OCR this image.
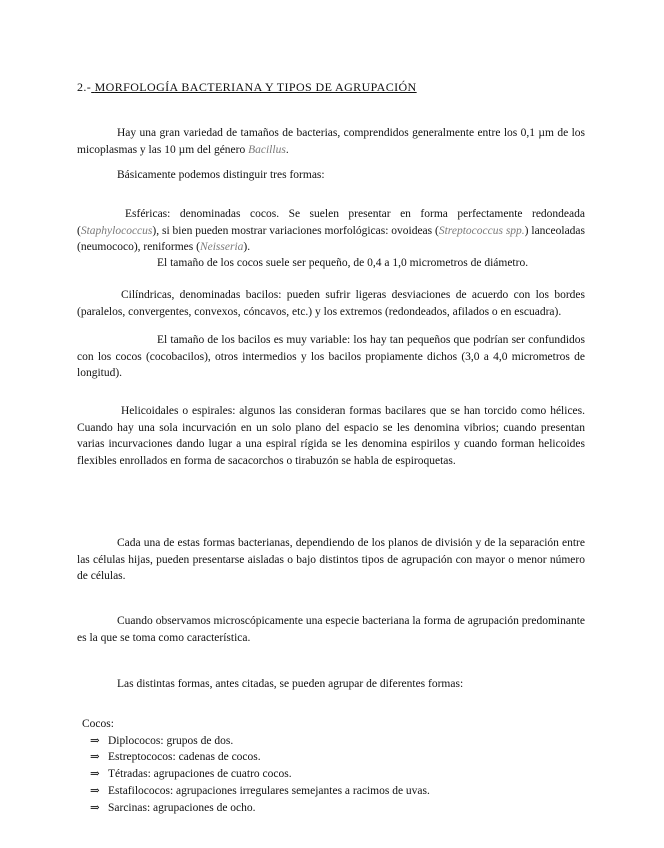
2.- MORFOLOGÍA BACTERIANA Y TIPOS DE AGRUPACIÓN

Hay una gran variedad de tamaños de bacterias, comprendidos generalmente entre los 0,1 µm de los micoplasmas y las 10 µm del género Bacillus.

Básicamente podemos distinguir tres formas:

Esféricas: denominadas cocos. Se suelen presentar en forma perfectamente redondeada (Staphylococcus), si bien pueden mostrar variaciones morfológicas: ovoideas (Streptococcus spp.) lanceoladas (neumococo), reniformes (Neisseria).

El tamaño de los cocos suele ser pequeño, de 0,4 a 1,0 micrometros de diámetro.

Cilíndricas, denominadas bacilos: pueden sufrir ligeras desviaciones de acuerdo con los bordes (paralelos, convergentes, convexos, cóncavos, etc.) y los extremos (redondeados, afilados o en escuadra).

El tamaño de los bacilos es muy variable: los hay tan pequeños que podrían ser confundidos con los cocos (cocobacilos), otros intermedios y los bacilos propiamente dichos (3,0 a 4,0 micrometros de longitud).

Helicoidales o espirales: algunos las consideran formas bacilares que se han torcido como hélices. Cuando hay una sola incurvación en un solo plano del espacio se les denomina vibrios; cuando presentan varias incurvaciones dando lugar a una espiral rígida se les denomina espirilos y cuando forman helicoides flexibles enrollados en forma de sacacorchos o tirabuzón se habla de espiroquetas.

Cada una de estas formas bacterianas, dependiendo de los planos de división y de la separación entre las células hijas, pueden presentarse aisladas o bajo distintos tipos de agrupación con mayor o menor número de células.

Cuando observamos microscópicamente una especie bacteriana la forma de agrupación predominante es la que se toma como característica.

Las distintas formas, antes citadas, se pueden agrupar de diferentes formas:

Cocos:
⇒ Diplococos: grupos de dos.
⇒ Estreptococos: cadenas de cocos.
⇒ Tétradas: agrupaciones de cuatro cocos.
⇒ Estafilococos: agrupaciones irregulares semejantes a racimos de uvas.
⇒ Sarcinas: agrupaciones de ocho.
